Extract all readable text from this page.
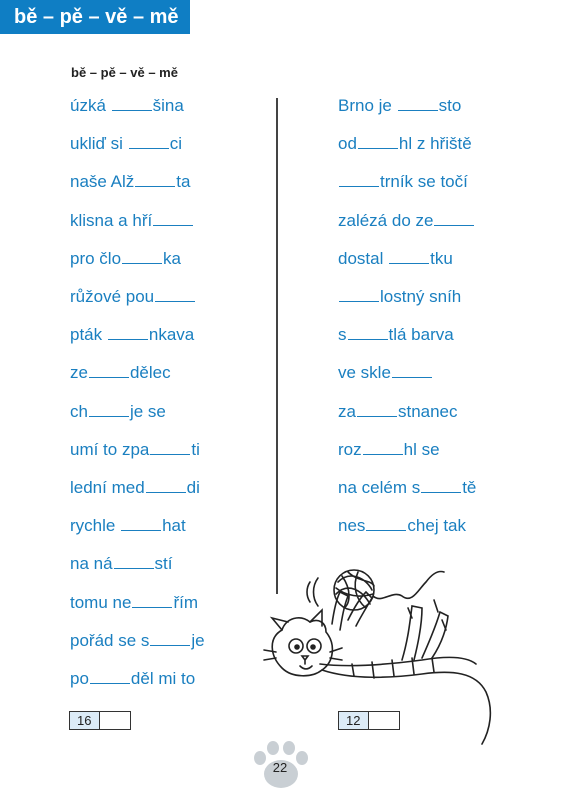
bě – pě – vě – mě
bě – pě – vě – mě
úzká šina
ukliď si ci
naše Alž ta
klisna a hří
pro člo ka
růžové pou
pták nkava
ze dělec
ch je se
umí to zpa ti
lední med di
rychle hat
na ná stí
tomu ne řím
pořád se s je
po děl mi to
Brno je sto
od hl z hřiště
trník se točí
zalézá do ze
dostal tku
lostný sníh
s tlá barva
ve skle
za stnanec
roz hl se
na celém s tě
nes chej tak
16	12
22
